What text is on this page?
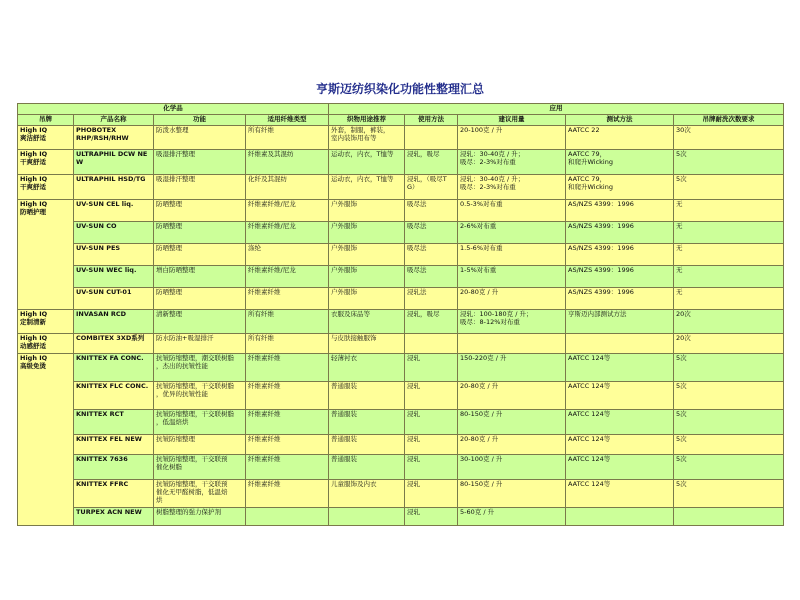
亨斯迈纺织染化功能性整理汇总
化学品				应用				
吊牌	产品名称	功能	适用纤维类型	织物用途推荐	使用方法	建议用量	测试方法	吊牌耐洗次数要求
High IQ
爽洁舒适	PHOBOTEX
RHP/RSH/RHW	防泼水整理	所有纤维	外套，制服，裤装，
室内装饰用布等		20-100克 / 升	AATCC 22	30次
High IQ
干爽舒适	ULTRAPHIL DCW NEW	吸湿排汗整理	纤维素及其混纺	运动衣，内衣，T恤等	浸轧，吸尽	浸轧：30-40克 / 升；
吸尽：2-3%对布重	AATCC 79，
和爬升Wicking	5次
High IQ
干爽舒适	ULTRAPHIL HSD/TG	吸湿排汗整理	化纤及其混纺	运动衣，内衣，T恤等	浸轧，（吸尽T
G）	浸轧：30-40克 / 升；
吸尽：2-3%对布重	AATCC 79，
和爬升Wicking	5次
High IQ
防晒护理	UV-SUN CEL liq.	防晒整理	纤维素纤维/尼龙	户外服饰	吸尽法	0.5-3%对布重	AS/NZS 4399：1996	无
	UV-SUN CO	防晒整理	纤维素纤维/尼龙	户外服饰	吸尽法	2-6%对布重	AS/NZS 4399：1996	无
	UV-SUN PES	防晒整理	涤纶	户外服饰	吸尽法	1.5-6%对布重	AS/NZS 4399：1996	无
	UV-SUN WEC liq.	增白防晒整理	纤维素纤维/尼龙	户外服饰	吸尽法	1-5%对布重	AS/NZS 4399：1996	无
	UV-SUN CUT-01	防晒整理	纤维素纤维	户外服饰	浸轧法	20-80克 / 升	AS/NZS 4399：1996	无
High IQ
定制清新	INVASAN RCD	清新整理	所有纤维	衣服及床品等	浸轧，吸尽	浸轧：100-180克 / 升；
吸尽：8-12%对布重	亨斯迈内部测试方法	20次
High IQ
动感舒适	COMBITEX 3XD系列	防水防油+吸湿排汗	所有纤维	与皮肤接触服饰				20次
High IQ
高级免烫	KNITTEX FA CONC.	抗皱防缩整理，潮交联树脂
，杰出的抗皱性能	纤维素纤维	轻薄衬衣	浸轧	150-220克 / 升	AATCC 124等	5次
	KNITTEX FLC CONC.	抗皱防缩整理，干交联树脂
，优异的抗皱性能	纤维素纤维	普通服装	浸轧	20-80克 / 升	AATCC 124等	5次
	KNITTEX RCT	抗皱防缩整理，干交联树脂
，低温焙烘	纤维素纤维	普通服装	浸轧	80-150克 / 升	AATCC 124等	5次
	KNITTEX FEL NEW	抗皱防缩整理	纤维素纤维	普通服装	浸轧	20-80克 / 升	AATCC 124等	5次
	KNITTEX 7636	抗皱防缩整理，干交联预
催化树脂	纤维素纤维	普通服装	浸轧	30-100克 / 升	AATCC 124等	5次
	KNITTEX FFRC	抗皱防缩整理，干交联预
催化无甲醛树脂，低温焙
烘	纤维素纤维	儿童服饰及内衣	浸轧	80-150克 / 升	AATCC 124等	5次
	TURPEX ACN NEW	树脂整理的强力保护剂			浸轧	5-60克 / 升		
